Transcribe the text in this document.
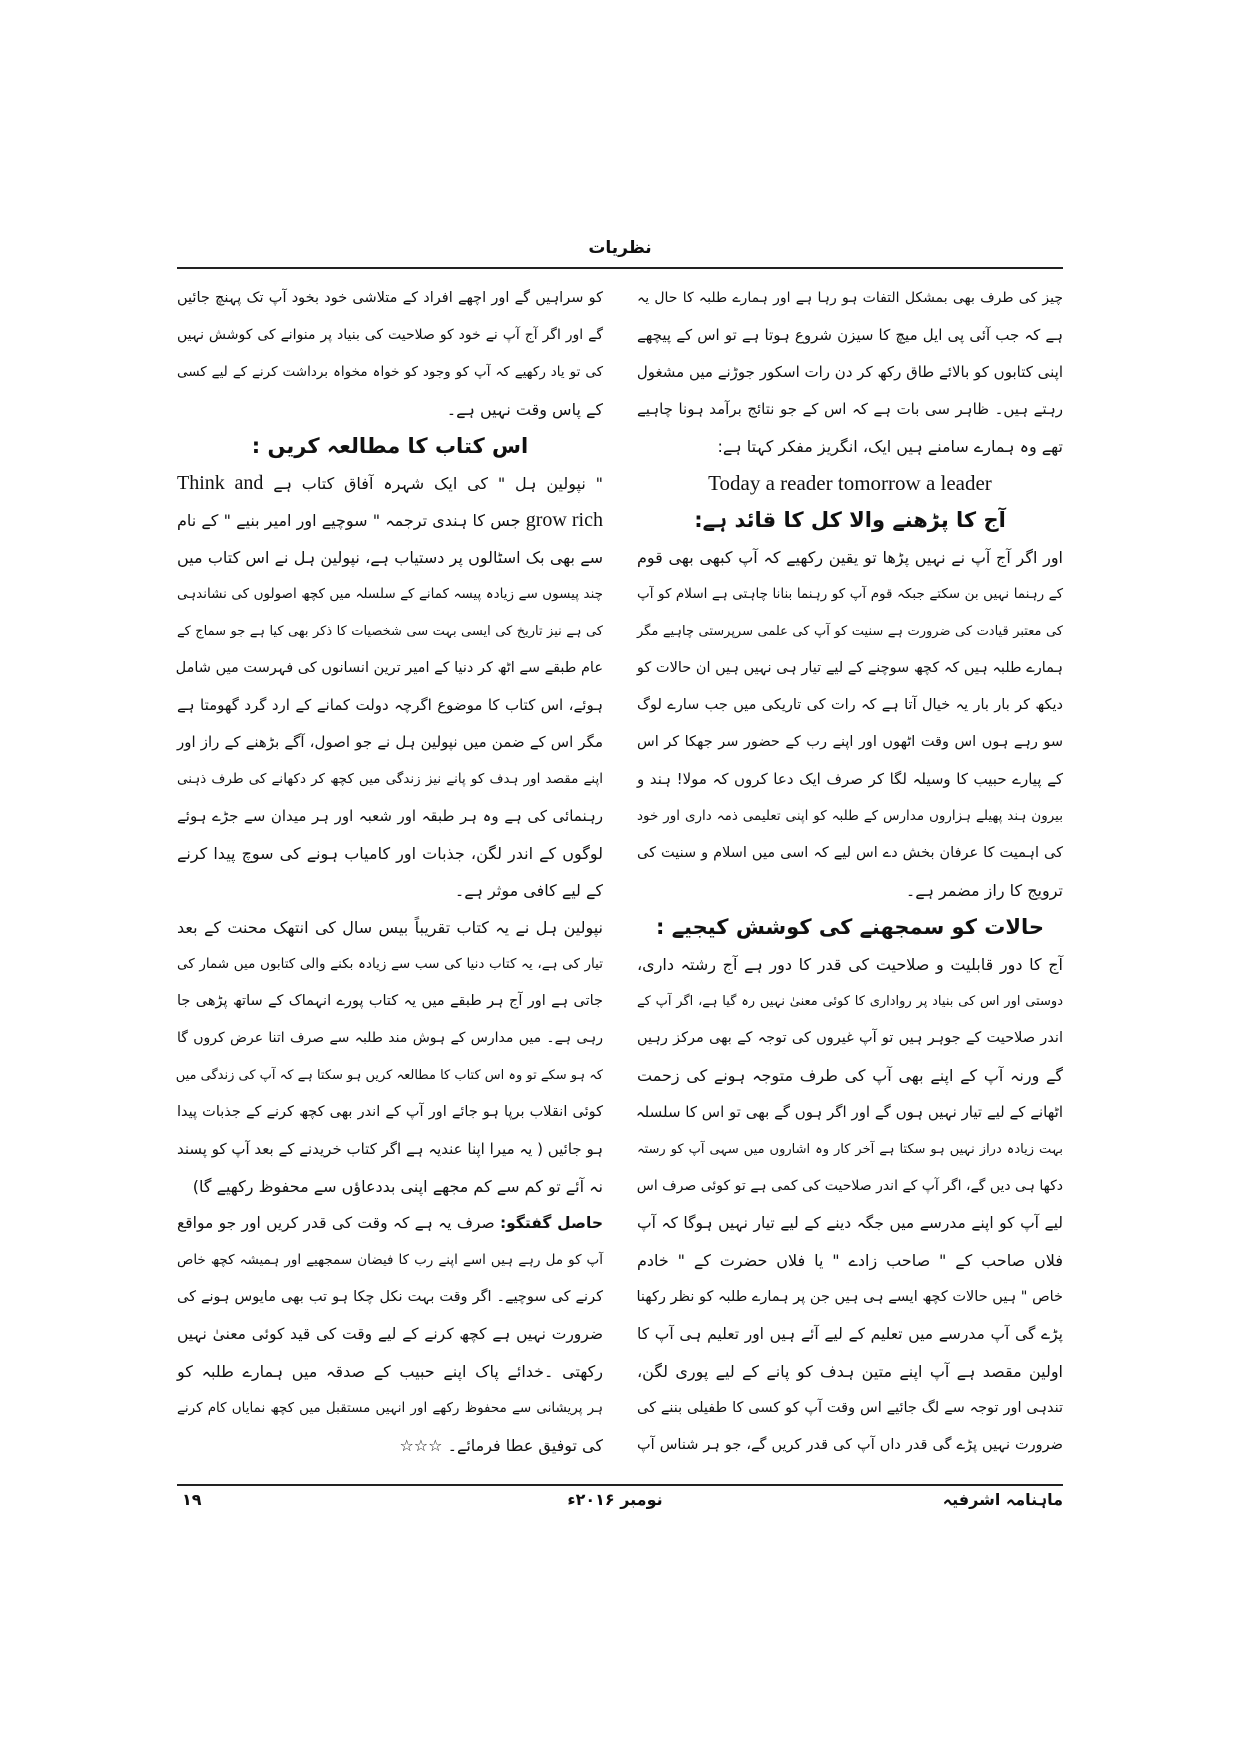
نظریات
چیز کی طرف بھی بمشکل التفات ہو رہا ہے اور ہمارے طلبہ کا حال یہ
ہے کہ جب آئی پی ایل میچ کا سیزن شروع ہوتا ہے تو اس کے پیچھے
اپنی کتابوں کو بالائے طاق رکھ کر دن رات اسکور جوڑنے میں مشغول
رہتے ہیں۔ ظاہر سی بات ہے کہ اس کے جو نتائج برآمد ہونا چاہیے
تھے وہ ہمارے سامنے ہیں ایک، انگریز مفکر کہتا ہے:
Today a reader tomorrow a leader
آج کا پڑھنے والا کل کا قائد ہے:
اور اگر آج آپ نے نہیں پڑھا تو یقین رکھیے کہ آپ کبھی بھی قوم
کے رہنما نہیں بن سکتے جبکہ قوم آپ کو رہنما بنانا چاہتی ہے اسلام کو آپ
کی معتبر قیادت کی ضرورت ہے سنیت کو آپ کی علمی سرپرستی چاہیے مگر
ہمارے طلبہ ہیں کہ کچھ سوچنے کے لیے تیار ہی نہیں ہیں ان حالات کو
دیکھ کر بار بار یہ خیال آتا ہے کہ رات کی تاریکی میں جب سارے لوگ
سو رہے ہوں اس وقت اٹھوں اور اپنے رب کے حضور سر جھکا کر اس
کے پیارے حبیب کا وسیلہ لگا کر صرف ایک دعا کروں کہ مولا! ہند و
بیرون ہند پھیلے ہزاروں مدارس کے طلبہ کو اپنی تعلیمی ذمہ داری اور خود
کی اہمیت کا عرفان بخش دے اس لیے کہ اسی میں اسلام و سنیت کی
ترویج کا راز مضمر ہے۔
حالات کو سمجھنے کی کوشش کیجیے :
آج کا دور قابلیت و صلاحیت کی قدر کا دور ہے آج رشتہ داری،
دوستی اور اس کی بنیاد پر رواداری کا کوئی معنیٰ نہیں رہ گیا ہے، اگر آپ کے
اندر صلاحیت کے جوہر ہیں تو آپ غیروں کی توجہ کے بھی مرکز رہیں
گے ورنہ آپ کے اپنے بھی آپ کی طرف متوجہ ہونے کی زحمت
اٹھانے کے لیے تیار نہیں ہوں گے اور اگر ہوں گے بھی تو اس کا سلسلہ
بہت زیادہ دراز نہیں ہو سکتا ہے آخر کار وہ اشاروں میں سہی آپ کو رستہ
دکھا ہی دیں گے، اگر آپ کے اندر صلاحیت کی کمی ہے تو کوئی صرف اس
لیے آپ کو اپنے مدرسے میں جگہ دینے کے لیے تیار نہیں ہوگا کہ آپ
فلاں صاحب کے " صاحب زادے " یا فلاں حضرت کے " خادم
خاص " ہیں حالات کچھ ایسے ہی ہیں جن پر ہمارے طلبہ کو نظر رکھنا
پڑے گی آپ مدرسے میں تعلیم کے لیے آئے ہیں اور تعلیم ہی آپ کا
اولین مقصد ہے آپ اپنے متین ہدف کو پانے کے لیے پوری لگن،
تندہی اور توجہ سے لگ جائیے اس وقت آپ کو کسی کا طفیلی بننے کی
ضرورت نہیں پڑے گی قدر داں آپ کی قدر کریں گے، جو ہر شناس آپ
کو سراہیں گے اور اچھے افراد کے متلاشی خود بخود آپ تک پہنچ جائیں
گے اور اگر آج آپ نے خود کو صلاحیت کی بنیاد پر منوانے کی کوشش نہیں
کی تو یاد رکھیے کہ آپ کو وجود کو خواہ مخواہ برداشت کرنے کے لیے کسی
کے پاس وقت نہیں ہے۔
اس کتاب کا مطالعہ کریں :
" نپولین ہل " کی ایک شہرہ آفاق کتاب ہے Think and
grow rich جس کا ہندی ترجمہ " سوچیے اور امیر بنیے " کے نام
سے بھی بک اسٹالوں پر دستیاب ہے، نپولین ہل نے اس کتاب میں
چند پیسوں سے زیادہ پیسہ کمانے کے سلسلہ میں کچھ اصولوں کی نشاندہی
کی ہے نیز تاریخ کی ایسی بہت سی شخصیات کا ذکر بھی کیا ہے جو سماج کے
عام طبقے سے اٹھ کر دنیا کے امیر ترین انسانوں کی فہرست میں شامل
ہوئے، اس کتاب کا موضوع اگرچہ دولت کمانے کے ارد گرد گھومتا ہے
مگر اس کے ضمن میں نپولین ہل نے جو اصول، آگے بڑھنے کے راز اور
اپنے مقصد اور ہدف کو پانے نیز زندگی میں کچھ کر دکھانے کی طرف ذہنی
رہنمائی کی ہے وہ ہر طبقہ اور شعبہ اور ہر میدان سے جڑے ہوئے
لوگوں کے اندر لگن، جذبات اور کامیاب ہونے کی سوچ پیدا کرنے
کے لیے کافی موثر ہے۔
نپولین ہل نے یہ کتاب تقریباً بیس سال کی انتھک محنت کے بعد
تیار کی ہے، یہ کتاب دنیا کی سب سے زیادہ بکنے والی کتابوں میں شمار کی
جاتی ہے اور آج ہر طبقے میں یہ کتاب پورے انہماک کے ساتھ پڑھی جا
رہی ہے۔ میں مدارس کے ہوش مند طلبہ سے صرف اتنا عرض کروں گا
کہ ہو سکے تو وہ اس کتاب کا مطالعہ کریں ہو سکتا ہے کہ آپ کی زندگی میں
کوئی انقلاب برپا ہو جائے اور آپ کے اندر بھی کچھ کرنے کے جذبات پیدا
ہو جائیں ( یہ میرا اپنا عندیہ ہے اگر کتاب خریدنے کے بعد آپ کو پسند
نہ آئے تو کم سے کم مجھے اپنی بددعاؤں سے محفوظ رکھیے گا)
حاصل گفتگو: صرف یہ ہے کہ وقت کی قدر کریں اور جو مواقع
آپ کو مل رہے ہیں اسے اپنے رب کا فیضان سمجھیے اور ہمیشہ کچھ خاص
کرنے کی سوچیے۔ اگر وقت بہت نکل چکا ہو تب بھی مایوس ہونے کی
ضرورت نہیں ہے کچھ کرنے کے لیے وقت کی قید کوئی معنیٰ نہیں
رکھتی ۔خدائے پاک اپنے حبیب کے صدقہ میں ہمارے طلبہ کو
ہر پریشانی سے محفوظ رکھے اور انہیں مستقبل میں کچھ نمایاں کام کرنے
کی توفیق عطا فرمائے۔ ☆☆☆
ماہنامہ اشرفیہ
نومبر ۲۰۱۶ء
۱۹
